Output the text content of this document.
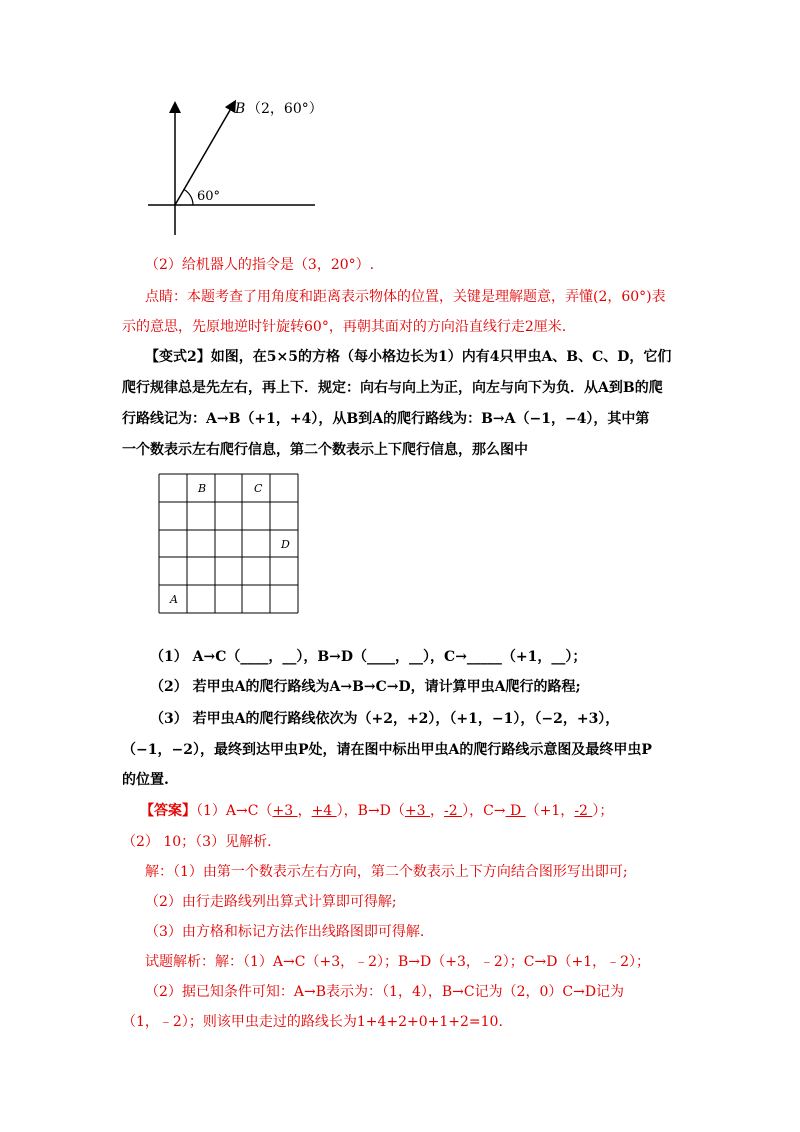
60°
B （2，60°）
（2）给机器人的指令是（3，20°）.
点睛：本题考查了用角度和距离表示物体的位置，关键是理解题意，弄懂(2，60°)表
示的意思，先原地逆时针旋转60°，再朝其面对的方向沿直线行走2厘米.
【变式2】如图，在5×5的方格（每小格边长为1）内有4只甲虫A、B、C、D，它们
爬行规律总是先左右，再上下．规定：向右与向上为正，向左与向下为负．从A到B的爬
行路线记为：A→B（+1，+4），从B到A的爬行路线为：B→A（−1，−4），其中第
一个数表示左右爬行信息，第二个数表示上下爬行信息，那么图中
B	C
D
A
（1） A→C（____，__），B→D（____，__），C→_____（+1，__）；
（2） 若甲虫A的爬行路线为A→B→C→D，请计算甲虫A爬行的路程;
（3） 若甲虫A的爬行路线依次为（+2，+2），（+1，−1），（−2，+3），
（−1，−2），最终到达甲虫P处，请在图中标出甲虫A的爬行路线示意图及最终甲虫P
的位置.
【答案】（1）A→C（+3 ，+4 ），B→D（+3 ，-2 ），C→ D （+1，-2 ）；
（2） 10；（3）见解析.
解：（1）由第一个数表示左右方向，第二个数表示上下方向结合图形写出即可;
（2）由行走路线列出算式计算即可得解;
（3）由方格和标记方法作出线路图即可得解.
试题解析：解：（1）A→C（+3，﹣2）；B→D（+3，﹣2）；C→D（+1，﹣2）；
（2）据已知条件可知：A→B表示为：（1，4），B→C记为（2，0）C→D记为
（1，﹣2）；则该甲虫走过的路线长为1+4+2+0+1+2=10.
